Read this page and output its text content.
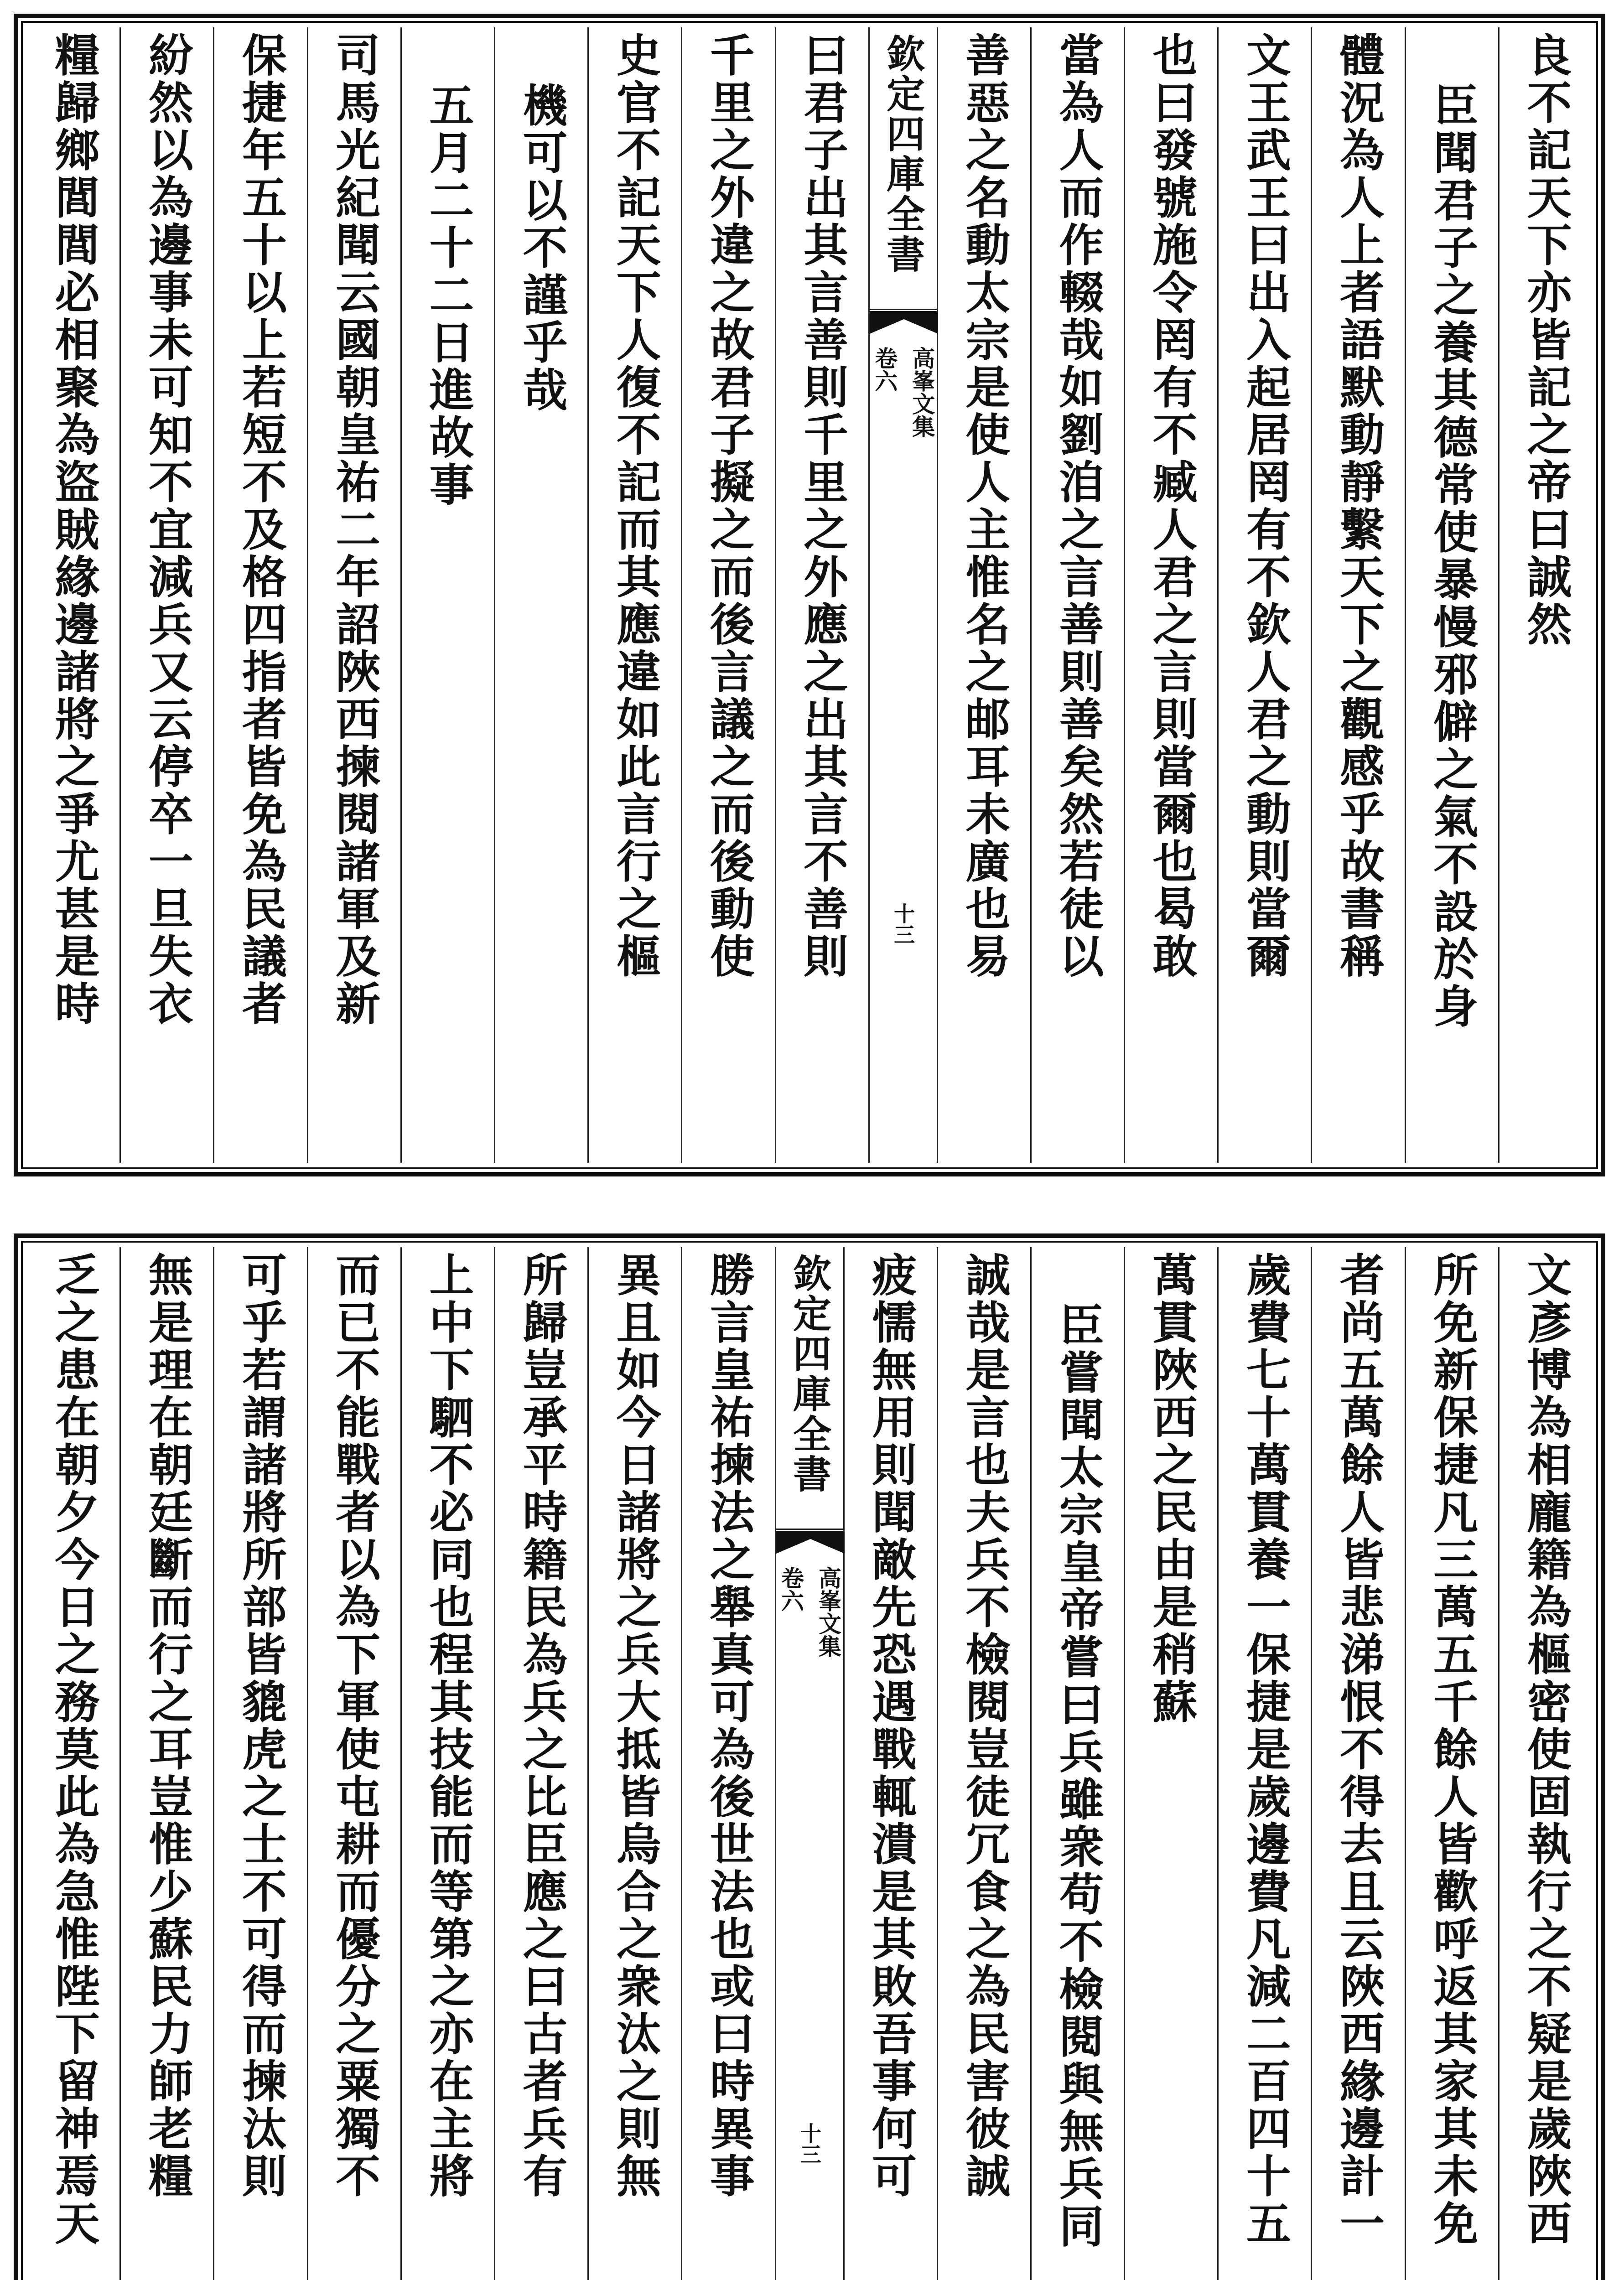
良不記天下亦皆記之帝曰誠然
臣聞君子之養其德常使暴慢邪僻之氣不設於身
體況為人上者語默動靜繫天下之觀感乎故書稱
文王武王曰出入起居罔有不欽人君之動則當爾
也曰發號施令罔有不臧人君之言則當爾也曷敢
當為人而作輟哉如劉洎之言善則善矣然若徒以
善惡之名動太宗是使人主惟名之邮耳未廣也易
欽定四庫全書
高峯文集
卷六
十三
曰君子出其言善則千里之外應之出其言不善則
千里之外違之故君子擬之而後言議之而後動使
史官不記天下人復不記而其應違如此言行之樞
機可以不謹乎哉
五月二十二日進故事
司馬光紀聞云國朝皇祐二年詔陜西揀閱諸軍及新
保捷年五十以上若短不及格四指者皆免為民議者
紛然以為邊事未可知不宜減兵又云停卒一旦失衣
糧歸鄉閭閭必相聚為盜賊緣邊諸將之爭尤甚是時
文彥博為相龐籍為樞密使固執行之不疑是歲陜西
所免新保捷凡三萬五千餘人皆歡呼返其家其未免
者尚五萬餘人皆悲涕恨不得去且云陜西緣邊計一
歲費七十萬貫養一保捷是歲邊費凡減二百四十五
萬貫陜西之民由是稍蘇
臣嘗聞太宗皇帝嘗曰兵雖衆苟不檢閱與無兵同
誠哉是言也夫兵不檢閱豈徒冗食之為民害彼誠
疲懦無用則聞敵先恐遇戰輒潰是其敗吾事何可
欽定四庫全書
高峯文集
卷六
十三
勝言皇祐揀法之舉真可為後世法也或曰時異事
異且如今日諸將之兵大抵皆烏合之衆汰之則無
所歸豈承平時籍民為兵之比臣應之曰古者兵有
上中下駟不必同也程其技能而等第之亦在主將
而已不能戰者以為下軍使屯耕而優分之粟獨不
可乎若謂諸將所部皆貔虎之士不可得而揀汰則
無是理在朝廷斷而行之耳豈惟少蘇民力師老糧
乏之患在朝夕今日之務莫此為急惟陛下留神焉天
